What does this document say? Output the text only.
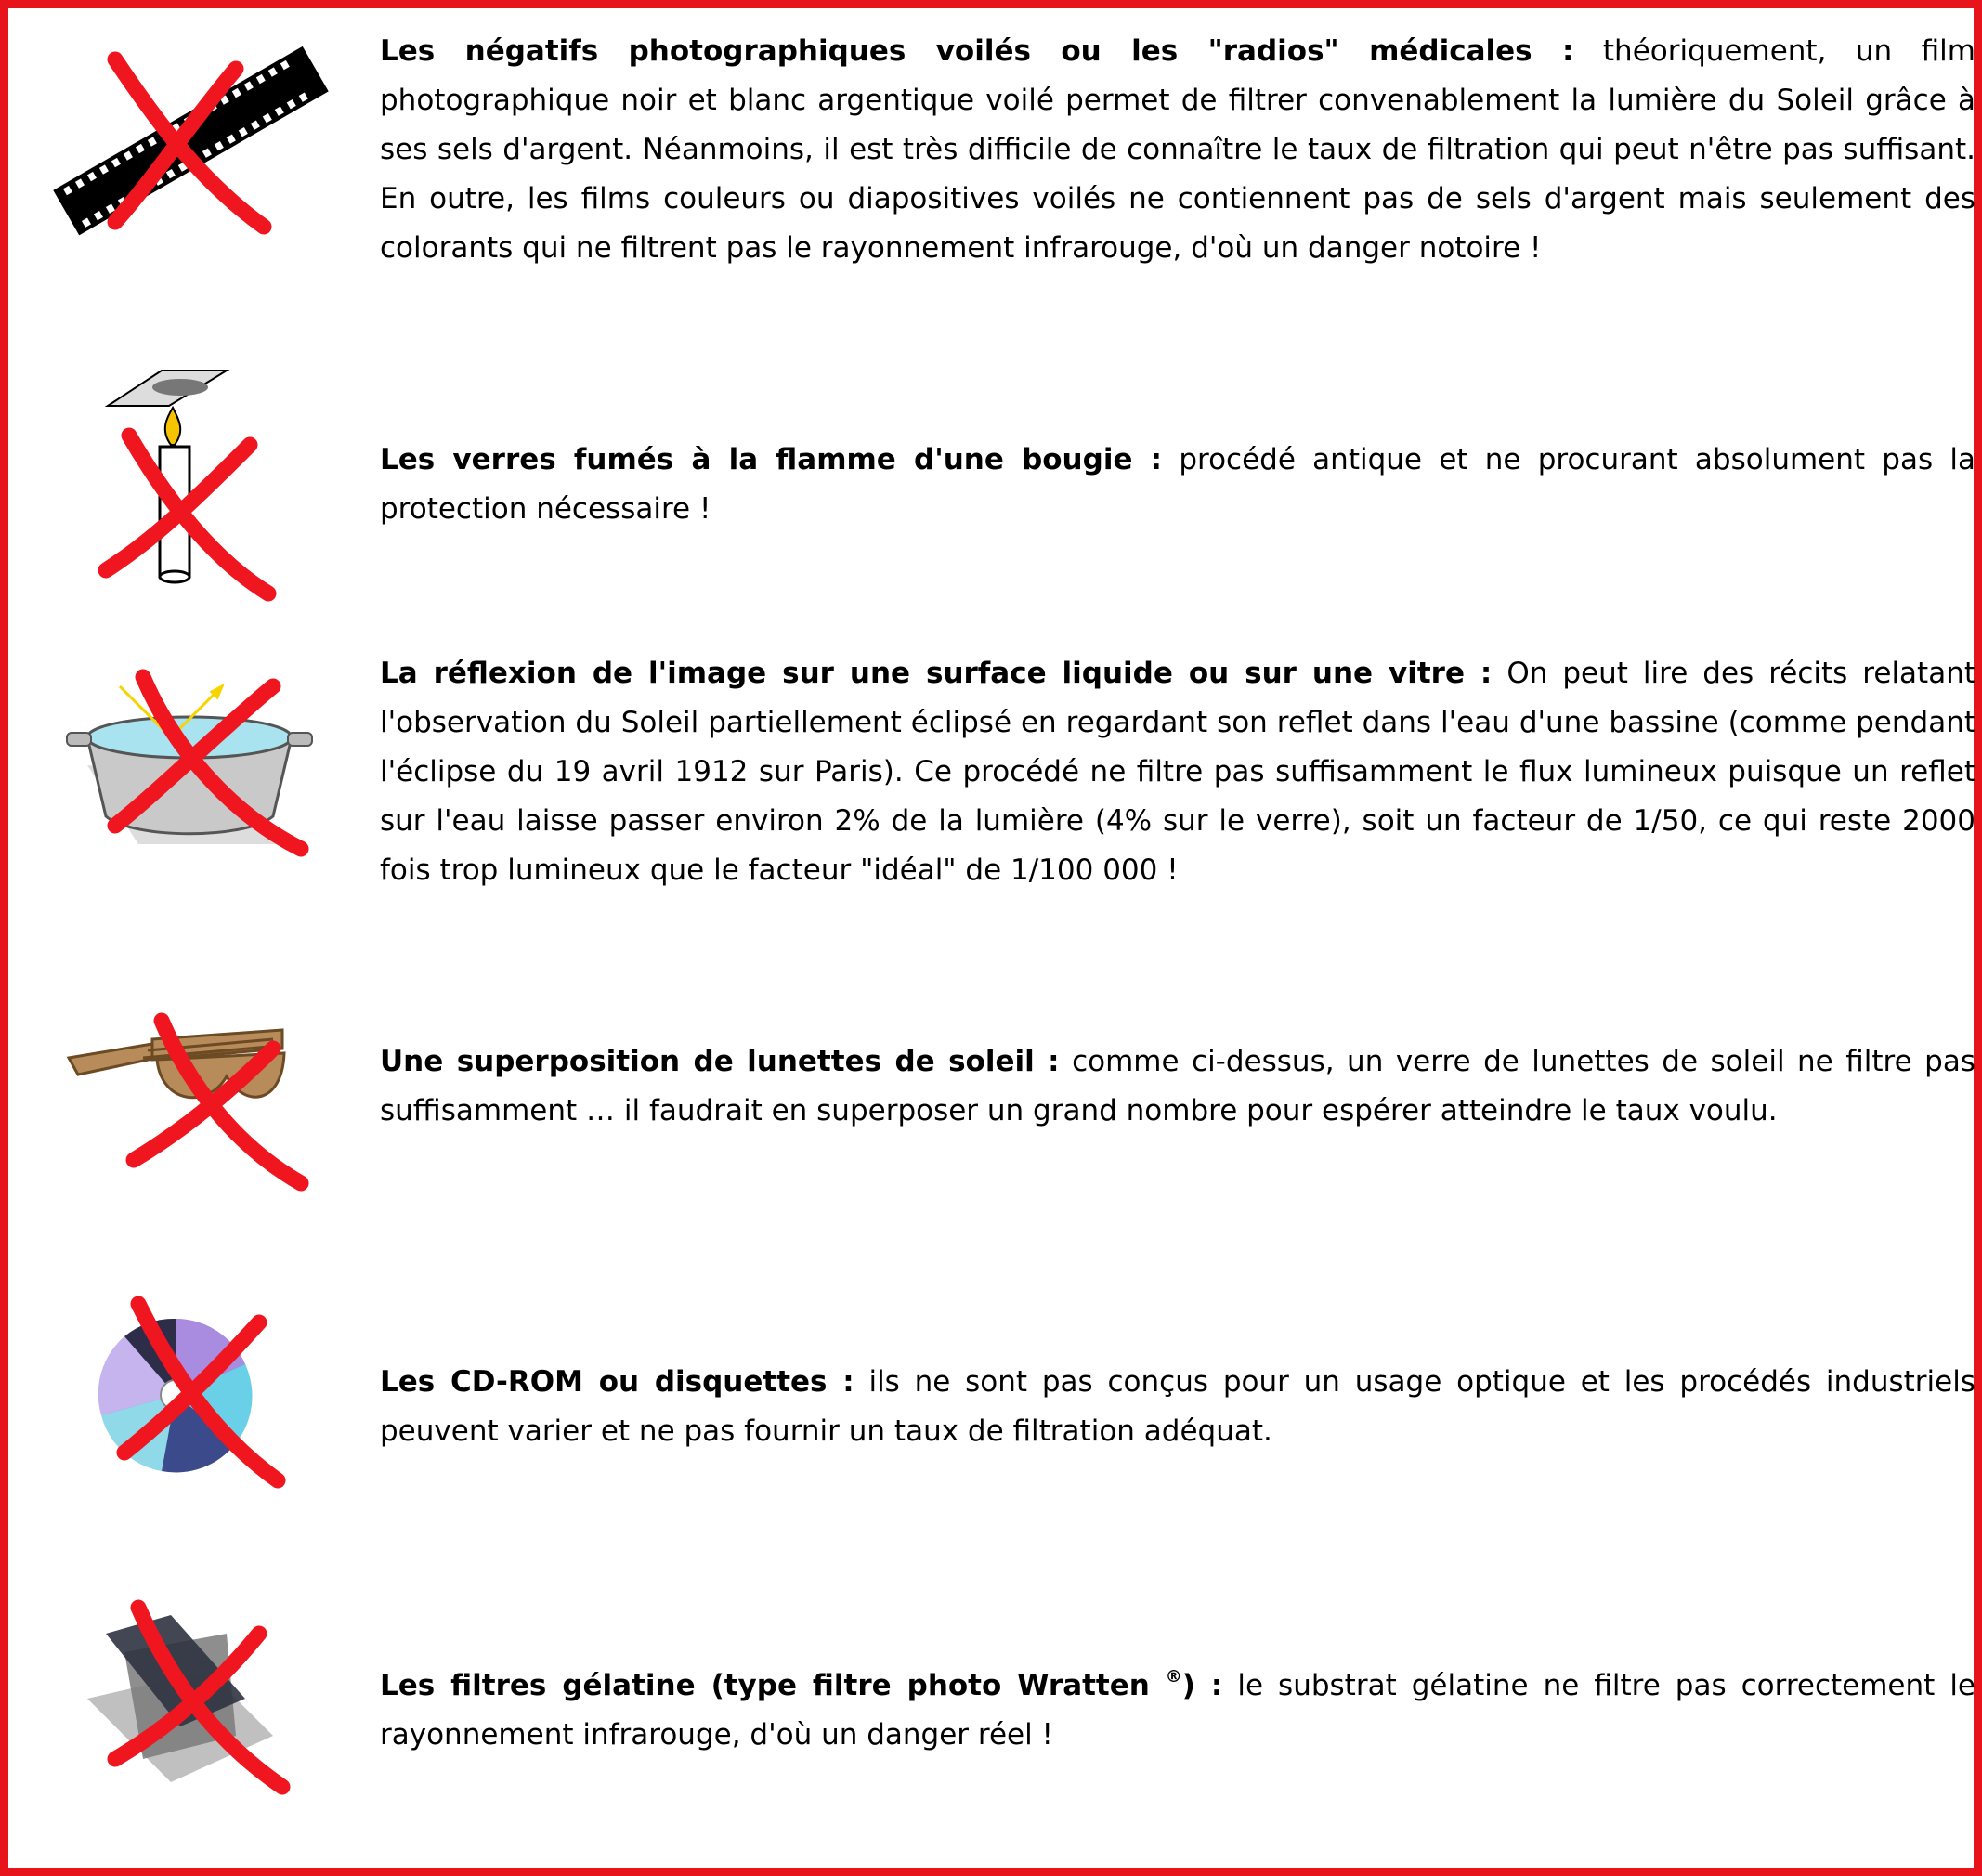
Les négatifs photographiques voilés ou les "radios" médicales : théoriquement, un film photographique noir et blanc argentique voilé permet de filtrer convenablement la lumière du Soleil grâce à ses sels d'argent. Néanmoins, il est très difficile de connaître le taux de filtration qui peut n'être pas suffisant. En outre, les films couleurs ou diapositives voilés ne contiennent pas de sels d'argent mais seulement des colorants qui ne filtrent pas le rayonnement infrarouge, d'où un danger notoire !
Les verres fumés à la flamme d'une bougie : procédé antique et ne procurant absolument pas la protection nécessaire !
La réflexion de l'image sur une surface liquide ou sur une vitre : On peut lire des récits relatant l'observation du Soleil partiellement éclipsé en regardant son reflet dans l'eau d'une bassine (comme pendant l'éclipse du 19 avril 1912 sur Paris). Ce procédé ne filtre pas suffisamment le flux lumineux puisque un reflet sur l'eau laisse passer environ 2% de la lumière (4% sur le verre), soit un facteur de 1/50, ce qui reste 2000 fois trop lumineux que le facteur "idéal" de 1/100 000 !
Une superposition de lunettes de soleil : comme ci-dessus, un verre de lunettes de soleil ne filtre pas suffisamment … il faudrait en superposer un grand nombre pour espérer atteindre le taux voulu.
Les CD-ROM ou disquettes : ils ne sont pas conçus pour un usage optique et les procédés industriels peuvent varier et ne pas fournir un taux de filtration adéquat.
Les filtres gélatine (type filtre photo Wratten ®) : le substrat gélatine ne filtre pas correctement le rayonnement infrarouge, d'où un danger réel !
